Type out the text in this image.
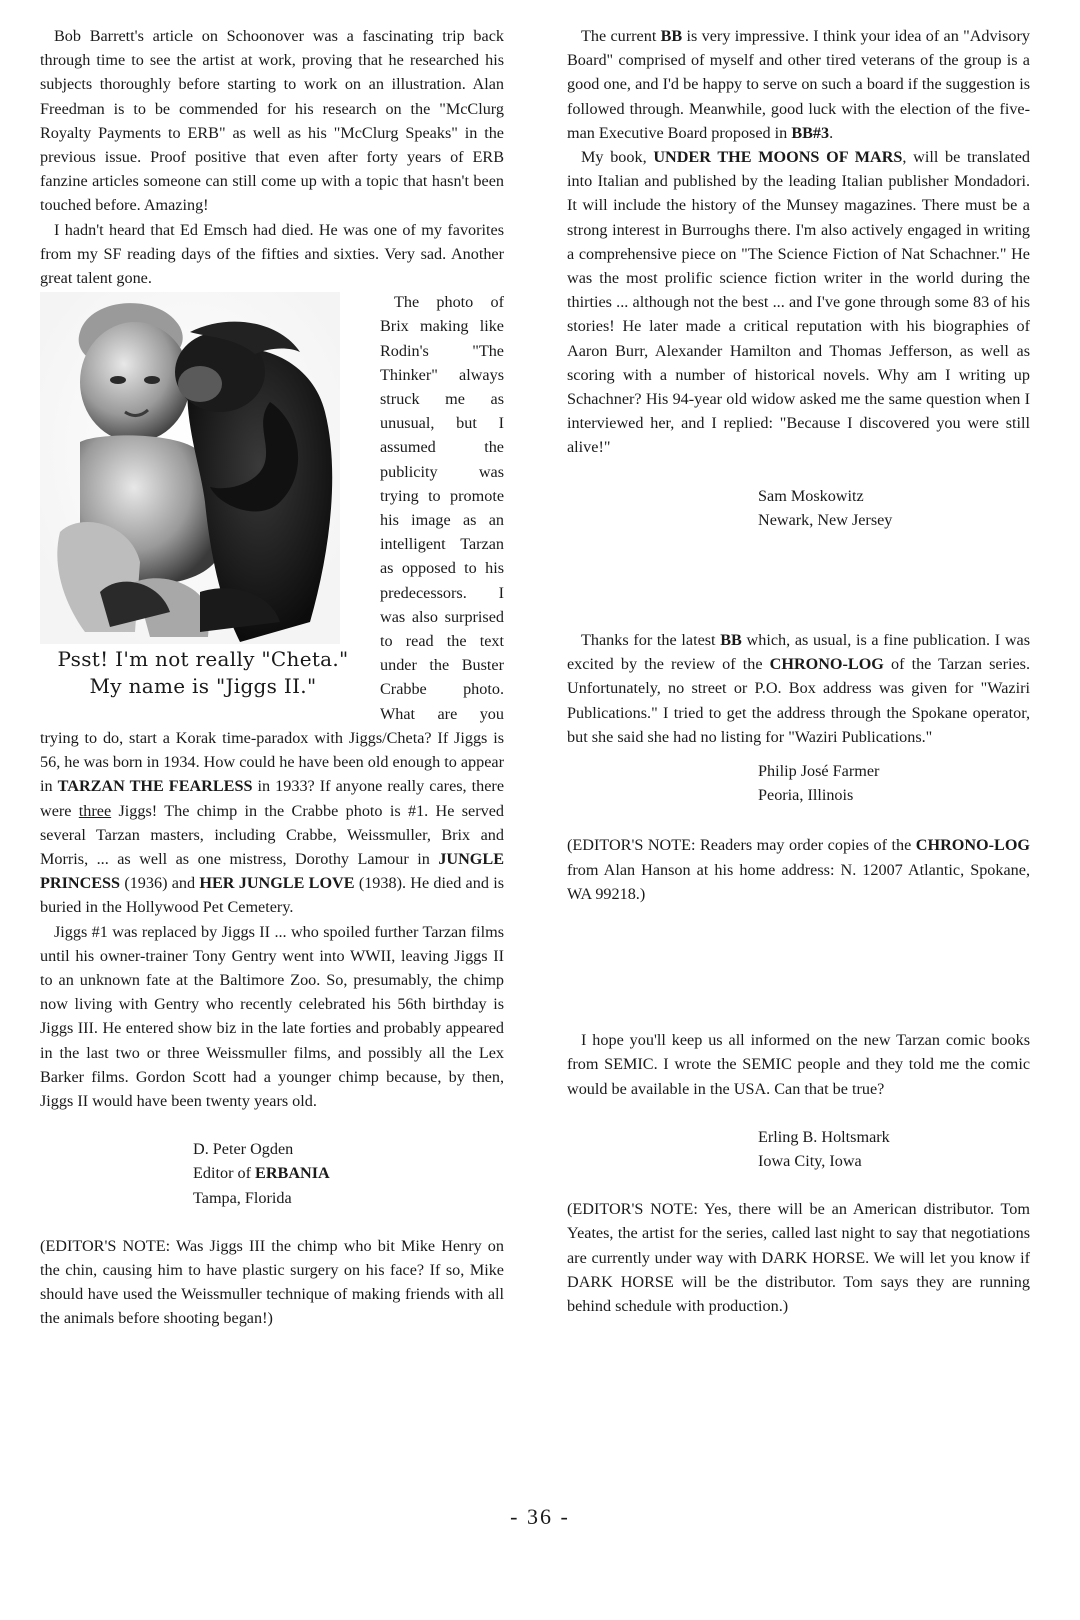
Bob Barrett's article on Schoonover was a fascinating trip back through time to see the artist at work, proving that he researched his subjects thoroughly before starting to work on an illustration. Alan Freedman is to be commended for his research on the "McClurg Royalty Payments to ERB" as well as his "McClurg Speaks" in the previous issue. Proof positive that even after forty years of ERB fanzine articles someone can still come up with a topic that hasn't been touched before. Amazing!

I hadn't heard that Ed Emsch had died. He was one of my favorites from my SF reading days of the fifties and sixties. Very sad. Another great talent gone.

Psst! I'm not really "Cheta."
My name is "Jiggs II."

The photo of Brix making like Rodin's "The Thinker" always struck me as unusual, but I assumed the publicity was trying to promote his image as an intelligent Tarzan as opposed to his predecessors. I was also surprised to read the text under the Buster Crabbe photo. What are you trying to do, start a Korak time-paradox with Jiggs/Cheta? If Jiggs is 56, he was born in 1934. How could he have been old enough to appear in TARZAN THE FEARLESS in 1933? If anyone really cares, there were three Jiggs! The chimp in the Crabbe photo is #1. He served several Tarzan masters, including Crabbe, Weissmuller, Brix and Morris, ... as well as one mistress, Dorothy Lamour in JUNGLE PRINCESS (1936) and HER JUNGLE LOVE (1938). He died and is buried in the Hollywood Pet Cemetery.

Jiggs #1 was replaced by Jiggs II ... who spoiled further Tarzan films until his owner-trainer Tony Gentry went into WWII, leaving Jiggs II to an unknown fate at the Baltimore Zoo. So, presumably, the chimp now living with Gentry who recently celebrated his 56th birthday is Jiggs III. He entered show biz in the late forties and probably appeared in the last two or three Weissmuller films, and possibly all the Lex Barker films. Gordon Scott had a younger chimp because, by then, Jiggs II would have been twenty years old.

D. Peter Ogden
Editor of ERBANIA
Tampa, Florida

(EDITOR'S NOTE: Was Jiggs III the chimp who bit Mike Henry on the chin, causing him to have plastic surgery on his face? If so, Mike should have used the Weissmuller technique of making friends with all the animals before shooting began!)

The current BB is very impressive. I think your idea of an "Advisory Board" comprised of myself and other tired veterans of the group is a good one, and I'd be happy to serve on such a board if the suggestion is followed through. Meanwhile, good luck with the election of the five-man Executive Board proposed in BB#3.

My book, UNDER THE MOONS OF MARS, will be translated into Italian and published by the leading Italian publisher Mondadori. It will include the history of the Munsey magazines. There must be a strong interest in Burroughs there. I'm also actively engaged in writing a comprehensive piece on "The Science Fiction of Nat Schachner." He was the most prolific science fiction writer in the world during the thirties ... although not the best ... and I've gone through some 83 of his stories! He later made a critical reputation with his biographies of Aaron Burr, Alexander Hamilton and Thomas Jefferson, as well as scoring with a number of historical novels. Why am I writing up Schachner? His 94-year old widow asked me the same question when I interviewed her, and I replied: "Because I discovered you were still alive!"

Sam Moskowitz
Newark, New Jersey

Thanks for the latest BB which, as usual, is a fine publication. I was excited by the review of the CHRONO-LOG of the Tarzan series. Unfortunately, no street or P.O. Box address was given for "Waziri Publications." I tried to get the address through the Spokane operator, but she said she had no listing for "Waziri Publications."

Philip José Farmer
Peoria, Illinois

(EDITOR'S NOTE: Readers may order copies of the CHRONO-LOG from Alan Hanson at his home address: N. 12007 Atlantic, Spokane, WA 99218.)

I hope you'll keep us all informed on the new Tarzan comic books from SEMIC. I wrote the SEMIC people and they told me the comic would be available in the USA. Can that be true?

Erling B. Holtsmark
Iowa City, Iowa

(EDITOR'S NOTE: Yes, there will be an American distributor. Tom Yeates, the artist for the series, called last night to say that negotiations are currently under way with DARK HORSE. We will let you know if DARK HORSE will be the distributor. Tom says they are running behind schedule with production.)

- 36 -
